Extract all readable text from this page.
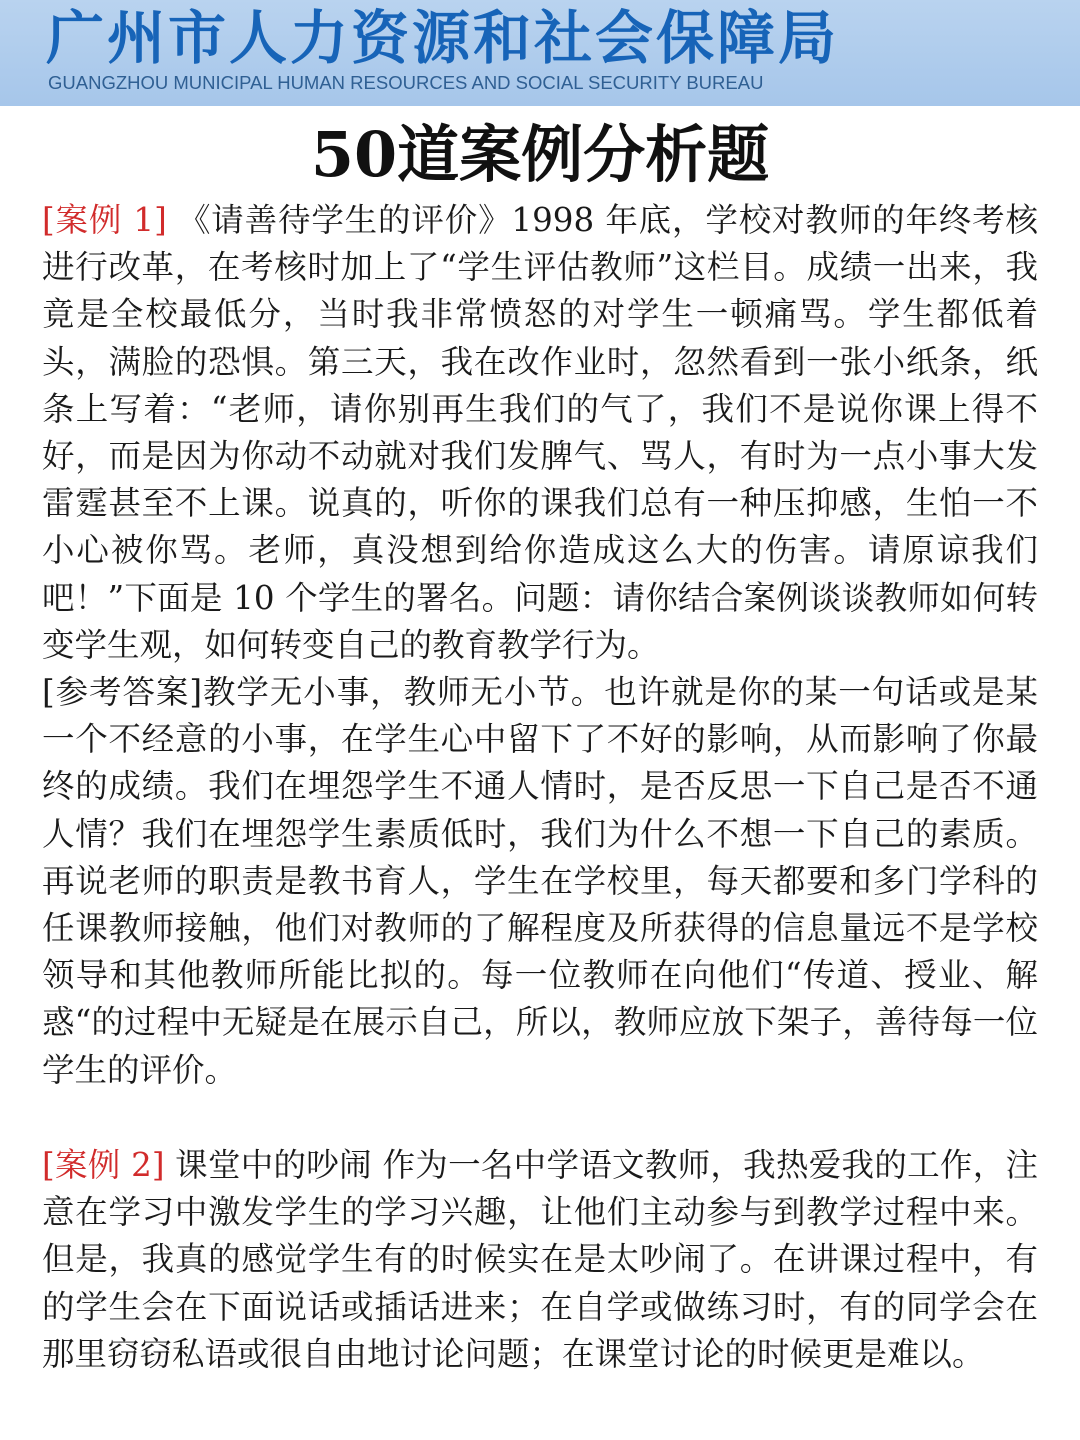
广州市人力资源和社会保障局
GUANGZHOU MUNICIPAL HUMAN RESOURCES AND SOCIAL SECURITY BUREAU
50道案例分析题

[案例 1] 《请善待学生的评价》1998 年底，学校对教师的年终考核进行改革，在考核时加上了“学生评估教师”这栏目。成绩一出来，我竟是全校最低分，当时我非常愤怒的对学生一顿痛骂。学生都低着头，满脸的恐惧。第三天，我在改作业时，忽然看到一张小纸条，纸条上写着：“老师，请你别再生我们的气了，我们不是说你课上得不好，而是因为你动不动就对我们发脾气、骂人，有时为一点小事大发雷霆甚至不上课。说真的，听你的课我们总有一种压抑感，生怕一不小心被你骂。老师，真没想到给你造成这么大的伤害。请原谅我们吧！”下面是 10 个学生的署名。问题：请你结合案例谈谈教师如何转变学生观，如何转变自己的教育教学行为。

[参考答案]教学无小事，教师无小节。也许就是你的某一句话或是某一个不经意的小事，在学生心中留下了不好的影响，从而影响了你最终的成绩。我们在埋怨学生不通人情时，是否反思一下自己是否不通人情？我们在埋怨学生素质低时，我们为什么不想一下自己的素质。再说老师的职责是教书育人，学生在学校里，每天都要和多门学科的任课教师接触，他们对教师的了解程度及所获得的信息量远不是学校领导和其他教师所能比拟的。每一位教师在向他们“传道、授业、解惑“的过程中无疑是在展示自己，所以，教师应放下架子，善待每一位学生的评价。

[案例 2] 课堂中的吵闹 作为一名中学语文教师，我热爱我的工作，注意在学习中激发学生的学习兴趣，让他们主动参与到教学过程中来。但是，我真的感觉学生有的时候实在是太吵闹了。在讲课过程中，有的学生会在下面说话或插话进来；在自学或做练习时，有的同学会在那里窃窃私语或很自由地讨论问题；在课堂讨论的时候更是难以。
